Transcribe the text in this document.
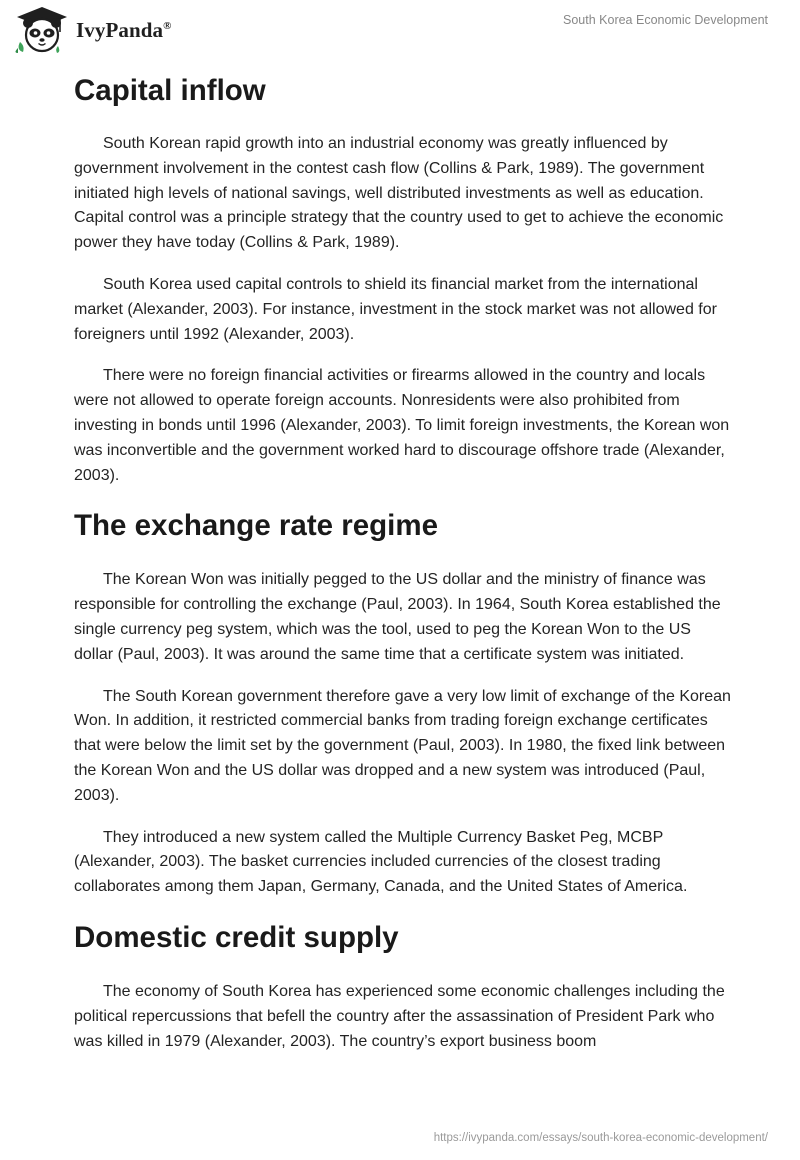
IvyPanda®	South Korea Economic Development
Capital inflow

South Korean rapid growth into an industrial economy was greatly influenced by government involvement in the contest cash flow (Collins & Park, 1989). The government initiated high levels of national savings, well distributed investments as well as education. Capital control was a principle strategy that the country used to get to achieve the economic power they have today (Collins & Park, 1989).

South Korea used capital controls to shield its financial market from the international market (Alexander, 2003). For instance, investment in the stock market was not allowed for foreigners until 1992 (Alexander, 2003).

There were no foreign financial activities or firearms allowed in the country and locals were not allowed to operate foreign accounts. Nonresidents were also prohibited from investing in bonds until 1996 (Alexander, 2003). To limit foreign investments, the Korean won was inconvertible and the government worked hard to discourage offshore trade (Alexander, 2003).

The exchange rate regime

The Korean Won was initially pegged to the US dollar and the ministry of finance was responsible for controlling the exchange (Paul, 2003). In 1964, South Korea established the single currency peg system, which was the tool, used to peg the Korean Won to the US dollar (Paul, 2003). It was around the same time that a certificate system was initiated.

The South Korean government therefore gave a very low limit of exchange of the Korean Won. In addition, it restricted commercial banks from trading foreign exchange certificates that were below the limit set by the government (Paul, 2003). In 1980, the fixed link between the Korean Won and the US dollar was dropped and a new system was introduced (Paul, 2003).

They introduced a new system called the Multiple Currency Basket Peg, MCBP (Alexander, 2003). The basket currencies included currencies of the closest trading collaborates among them Japan, Germany, Canada, and the United States of America.

Domestic credit supply

The economy of South Korea has experienced some economic challenges including the political repercussions that befell the country after the assassination of President Park who was killed in 1979 (Alexander, 2003). The country’s export business boom

https://ivypanda.com/essays/south-korea-economic-development/
